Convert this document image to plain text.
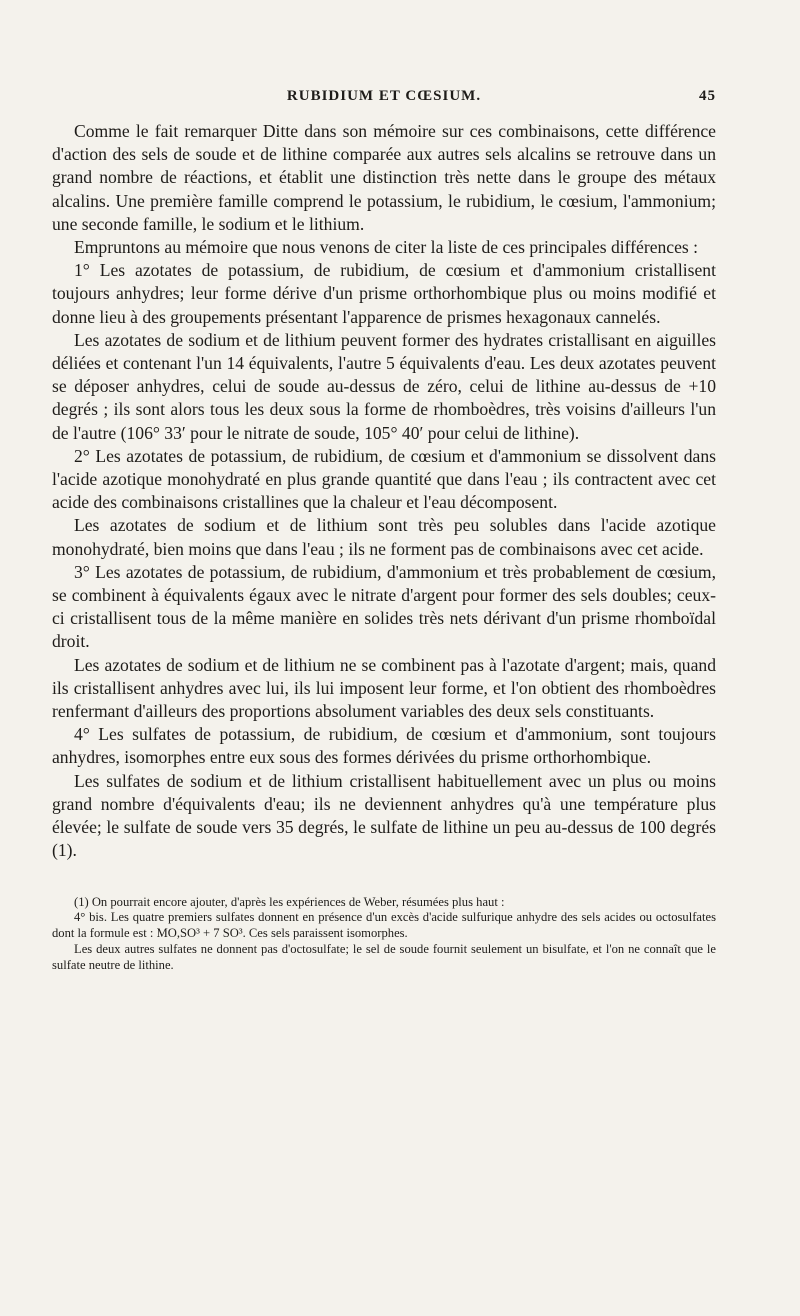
RUBIDIUM ET CŒSIUM.	45

Comme le fait remarquer Ditte dans son mémoire sur ces combinaisons, cette différence d'action des sels de soude et de lithine comparée aux autres sels alcalins se retrouve dans un grand nombre de réactions, et établit une distinction très nette dans le groupe des métaux alcalins. Une première famille comprend le potassium, le rubidium, le cœsium, l'ammonium; une seconde famille, le sodium et le lithium.

Empruntons au mémoire que nous venons de citer la liste de ces principales différences :

1° Les azotates de potassium, de rubidium, de cœsium et d'ammonium cristallisent toujours anhydres; leur forme dérive d'un prisme orthorhombique plus ou moins modifié et donne lieu à des groupements présentant l'apparence de prismes hexagonaux cannelés.

Les azotates de sodium et de lithium peuvent former des hydrates cristallisant en aiguilles déliées et contenant l'un 14 équivalents, l'autre 5 équivalents d'eau. Les deux azotates peuvent se déposer anhydres, celui de soude au-dessus de zéro, celui de lithine au-dessus de +10 degrés ; ils sont alors tous les deux sous la forme de rhomboèdres, très voisins d'ailleurs l'un de l'autre (106° 33′ pour le nitrate de soude, 105° 40′ pour celui de lithine).

2° Les azotates de potassium, de rubidium, de cœsium et d'ammonium se dissolvent dans l'acide azotique monohydraté en plus grande quantité que dans l'eau ; ils contractent avec cet acide des combinaisons cristallines que la chaleur et l'eau décomposent.

Les azotates de sodium et de lithium sont très peu solubles dans l'acide azotique monohydraté, bien moins que dans l'eau ; ils ne forment pas de combinaisons avec cet acide.

3° Les azotates de potassium, de rubidium, d'ammonium et très probablement de cœsium, se combinent à équivalents égaux avec le nitrate d'argent pour former des sels doubles; ceux-ci cristallisent tous de la même manière en solides très nets dérivant d'un prisme rhomboïdal droit.

Les azotates de sodium et de lithium ne se combinent pas à l'azotate d'argent; mais, quand ils cristallisent anhydres avec lui, ils lui imposent leur forme, et l'on obtient des rhomboèdres renfermant d'ailleurs des proportions absolument variables des deux sels constituants.

4° Les sulfates de potassium, de rubidium, de cœsium et d'ammonium, sont toujours anhydres, isomorphes entre eux sous des formes dérivées du prisme orthorhombique.

Les sulfates de sodium et de lithium cristallisent habituellement avec un plus ou moins grand nombre d'équivalents d'eau; ils ne deviennent anhydres qu'à une température plus élevée; le sulfate de soude vers 35 degrés, le sulfate de lithine un peu au-dessus de 100 degrés (1).

(1) On pourrait encore ajouter, d'après les expériences de Weber, résumées plus haut :

4° bis. Les quatre premiers sulfates donnent en présence d'un excès d'acide sulfurique anhydre des sels acides ou octosulfates dont la formule est : MO,SO³ + 7 SO³. Ces sels paraissent isomorphes.

Les deux autres sulfates ne donnent pas d'octosulfate; le sel de soude fournit seulement un bisulfate, et l'on ne connaît que le sulfate neutre de lithine.
